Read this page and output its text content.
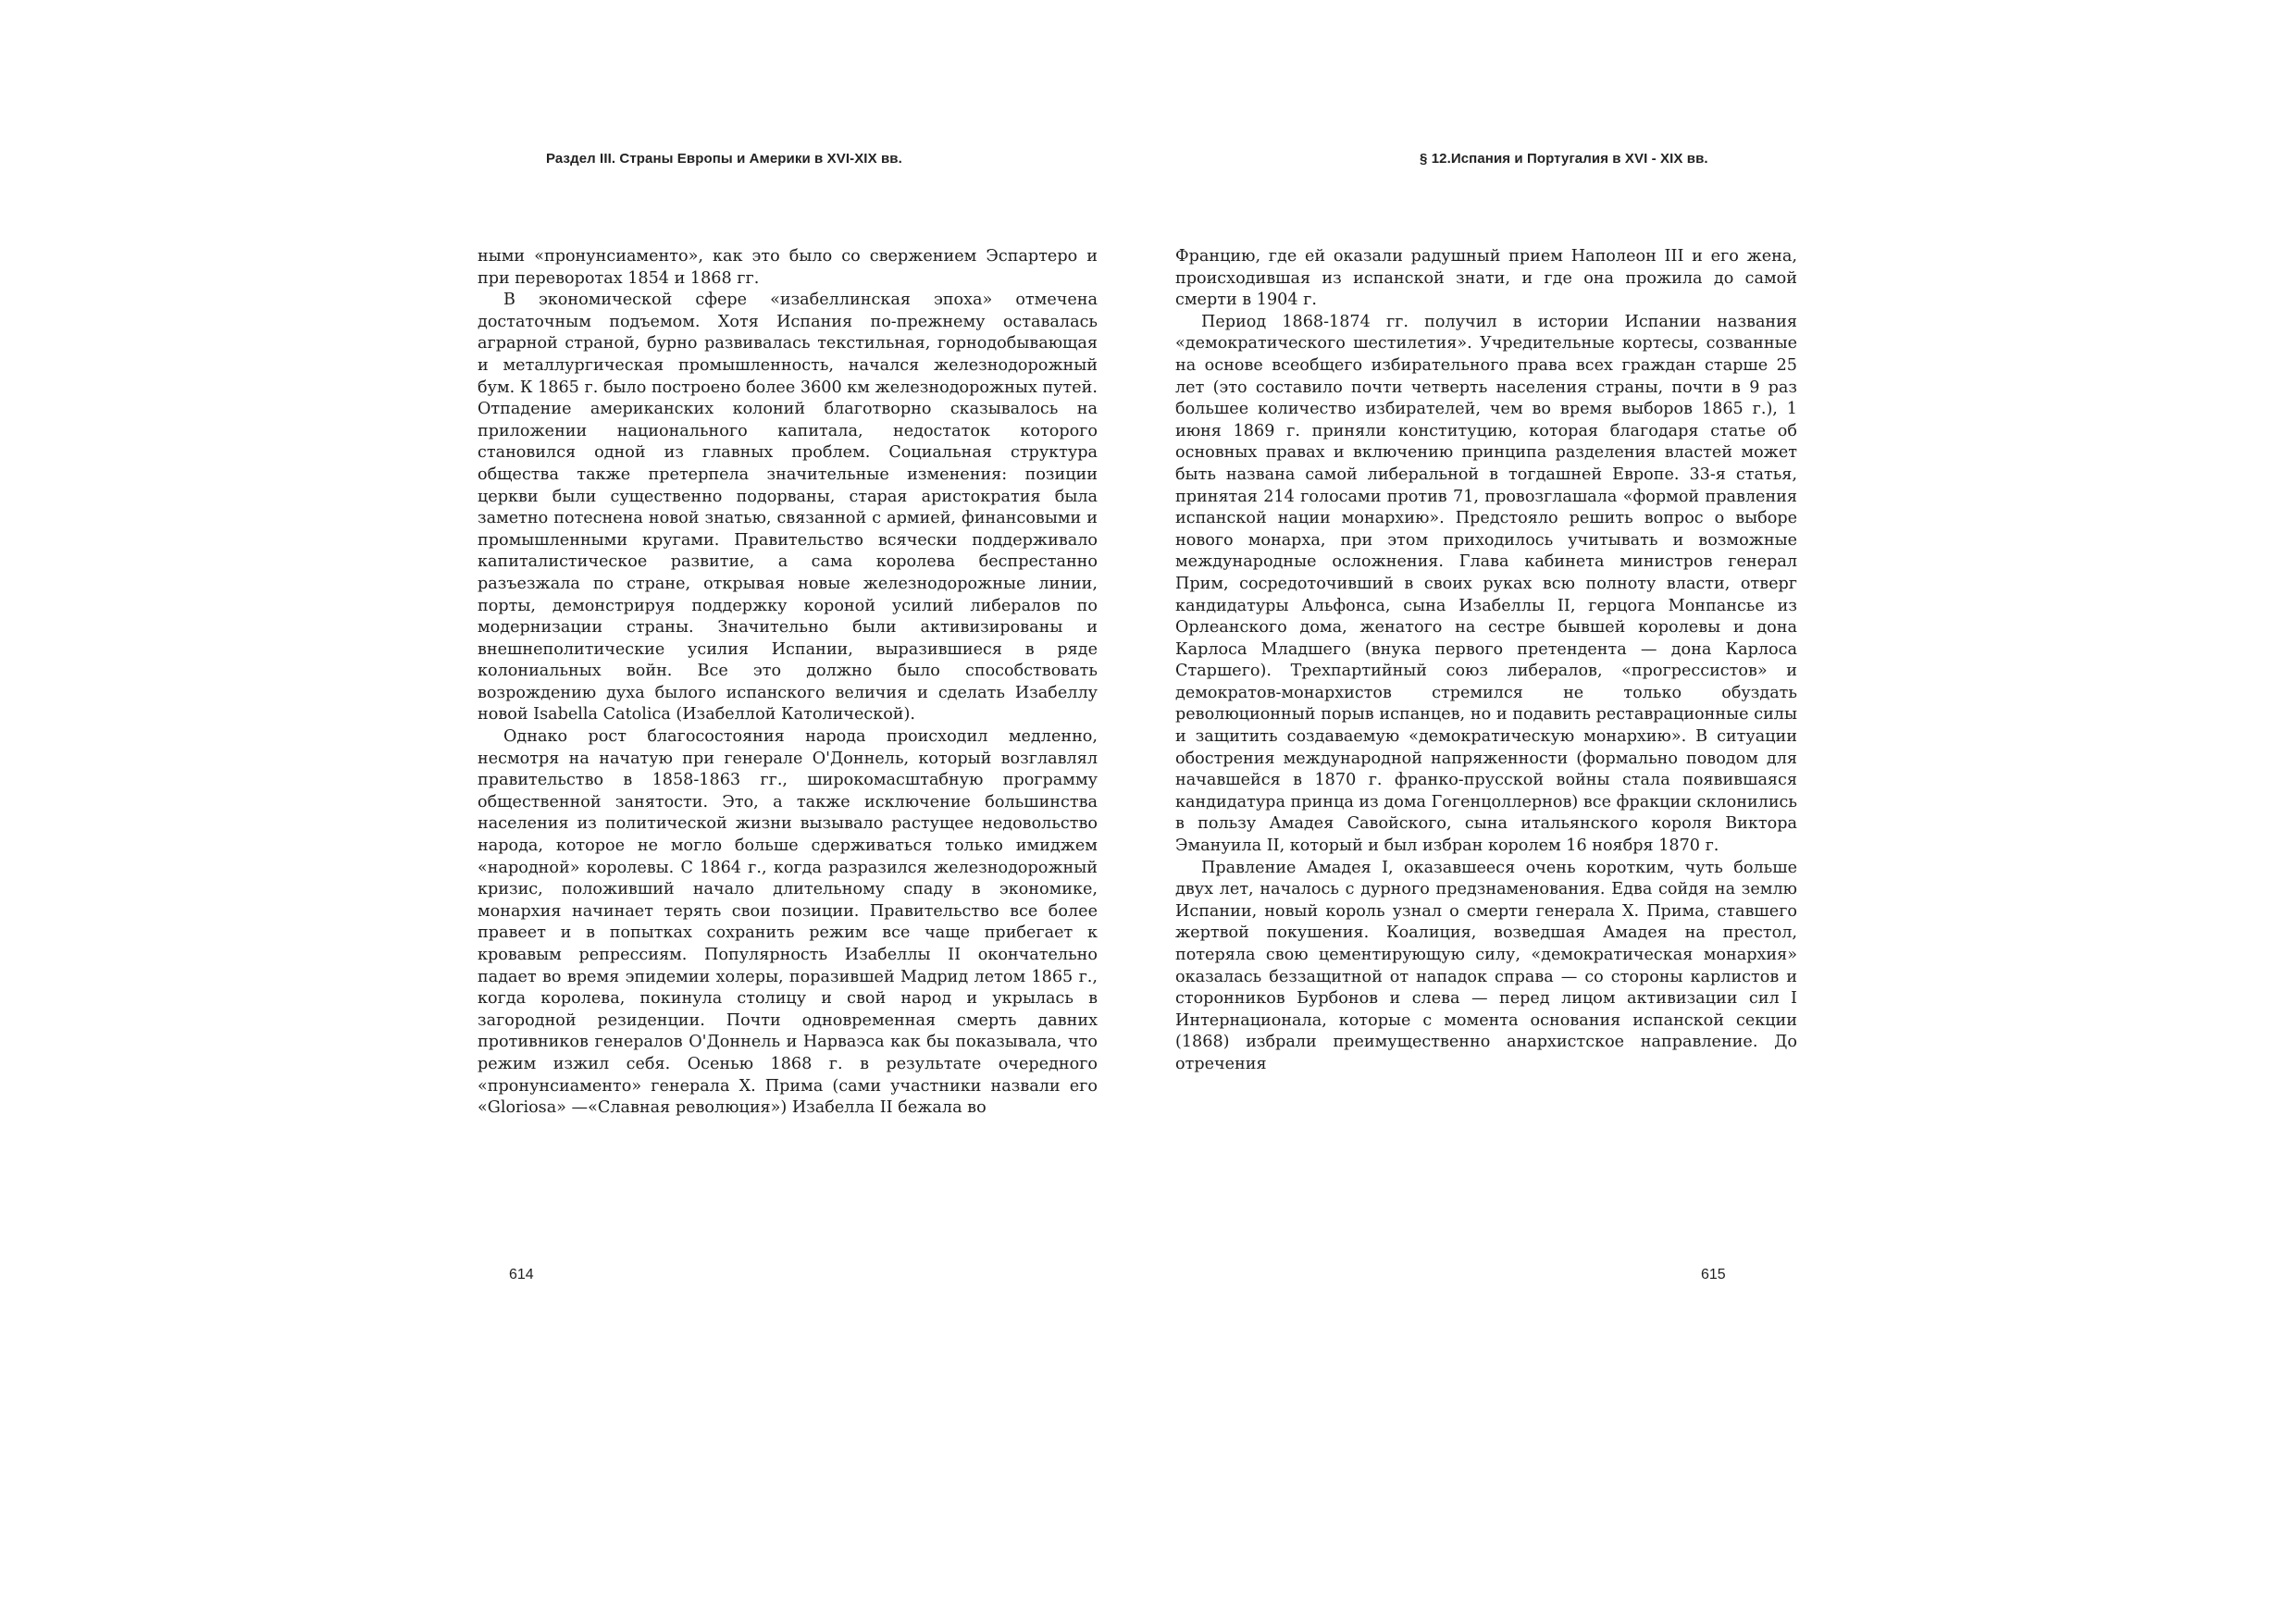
Раздел III. Страны Европы и Америки в XVI-XIX вв.

ными «пронунсиаменто», как это было со свержением Эспартеро и при переворотах 1854 и 1868 гг.

В экономической сфере «изабеллинская эпоха» отмечена достаточным подъемом. Хотя Испания по-прежнему оставалась аграрной страной, бурно развивалась текстильная, горнодобывающая и металлургическая промышленность, начался железнодорожный бум. К 1865 г. было построено более 3600 км железнодорожных путей. Отпадение американских колоний благотворно сказывалось на приложении национального капитала, недостаток которого становился одной из главных проблем. Социальная структура общества также претерпела значительные изменения: позиции церкви были существенно подорваны, старая аристократия была заметно потеснена новой знатью, связанной с армией, финансовыми и промышленными кругами. Правительство всячески поддерживало капиталистическое развитие, а сама королева беспрестанно разъезжала по стране, открывая новые железнодорожные линии, порты, демонстрируя поддержку короной усилий либералов по модернизации страны. Значительно были активизированы и внешнеполитические усилия Испании, выразившиеся в ряде колониальных войн. Все это должно было способствовать возрождению духа былого испанского величия и сделать Изабеллу новой Isabella Catolica (Изабеллой Католической).

Однако рост благосостояния народа происходил медленно, несмотря на начатую при генерале О'Доннель, который возглавлял правительство в 1858-1863 гг., широкомасштабную программу общественной занятости. Это, а также исключение большинства населения из политической жизни вызывало растущее недовольство народа, которое не могло больше сдерживаться только имиджем «народной» королевы. С 1864 г., когда разразился железнодорожный кризис, положивший начало длительному спаду в экономике, монархия начинает терять свои позиции. Правительство все более правеет и в попытках сохранить режим все чаще прибегает к кровавым репрессиям. Популярность Изабеллы II окончательно падает во время эпидемии холеры, поразившей Мадрид летом 1865 г., когда королева, покинула столицу и свой народ и укрылась в загородной резиденции. Почти одновременная смерть давних противников генералов О'Доннель и Нарваэса как бы показывала, что режим изжил себя. Осенью 1868 г. в результате очередного «пронунсиаменто» генерала X. Прима (сами участники назвали его «Gloriosa» —«Славная революция») Изабелла II бежала во

614
§ 12.Испания и Португалия в XVI - XIX вв.

Францию, где ей оказали радушный прием Наполеон III и его жена, происходившая из испанской знати, и где она прожила до самой смерти в 1904 г.

Период 1868-1874 гг. получил в истории Испании названия «демократического шестилетия». Учредительные кортесы, созванные на основе всеобщего избирательного права всех граждан старше 25 лет (это составило почти четверть населения страны, почти в 9 раз большее количество избирателей, чем во время выборов 1865 г.), 1 июня 1869 г. приняли конституцию, которая благодаря статье об основных правах и включению принципа разделения властей может быть названа самой либеральной в тогдашней Европе. 33-я статья, принятая 214 голосами против 71, провозглашала «формой правления испанской нации монархию». Предстояло решить вопрос о выборе нового монарха, при этом приходилось учитывать и возможные международные осложнения. Глава кабинета министров генерал Прим, сосредоточивший в своих руках всю полноту власти, отверг кандидатуры Альфонса, сына Изабеллы II, герцога Монпансье из Орлеанского дома, женатого на сестре бывшей королевы и дона Карлоса Младшего (внука первого претендента — дона Карлоса Старшего). Трехпартийный союз либералов, «прогрессистов» и демократов-монархистов стремился не только обуздать революционный порыв испанцев, но и подавить реставрационные силы и защитить создаваемую «демократическую монархию». В ситуации обострения международной напряженности (формально поводом для начавшейся в 1870 г. франко-прусской войны стала появившаяся кандидатура принца из дома Гогенцоллернов) все фракции склонились в пользу Амадея Савойского, сына итальянского короля Виктора Эмануила II, который и был избран королем 16 ноября 1870 г.

Правление Амадея I, оказавшееся очень коротким, чуть больше двух лет, началось с дурного предзнаменования. Едва сойдя на землю Испании, новый король узнал о смерти генерала X. Прима, ставшего жертвой покушения. Коалиция, возведшая Амадея на престол, потеряла свою цементирующую силу, «демократическая монархия» оказалась беззащитной от нападок справа — со стороны карлистов и сторонников Бурбонов и слева — перед лицом активизации сил I Интернационала, которые с момента основания испанской секции (1868) избрали преимущественно анархистское направление. До отречения

615
